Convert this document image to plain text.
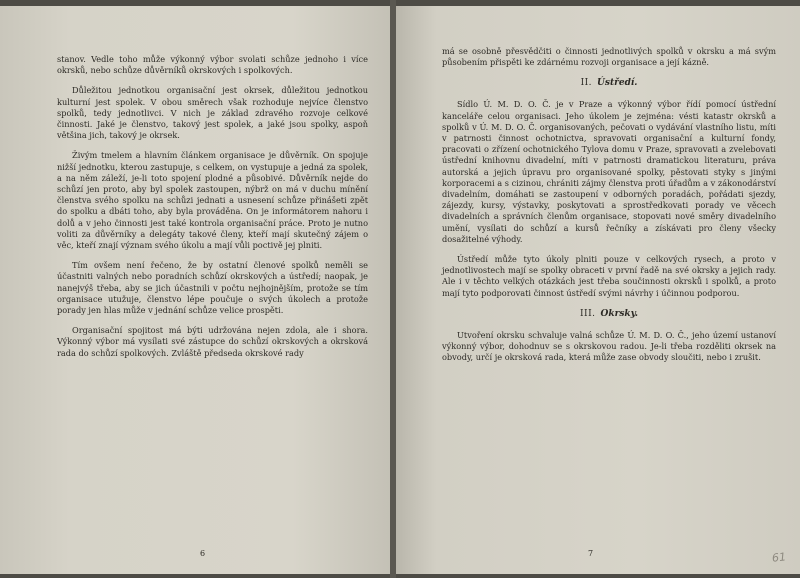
stanov. Vedle toho může výkonný výbor svolati schůze jednoho i více okrsků, nebo schůze důvěrníků okrskových i spolkových.

Důležitou jednotkou organisační jest okrsek, důležitou jednotkou kulturní jest spolek. V obou směrech však rozhoduje nejvíce členstvo spolků, tedy jednotlivci. V nich je základ zdravého rozvoje celkové činnosti. Jaké je členstvo, takový jest spolek, a jaké jsou spolky, aspoň většina jich, takový je okrsek.

Živým tmelem a hlavním článkem organisace je důvěrník. On spojuje nižší jednotku, kterou zastupuje, s celkem, on vystupuje a jedná za spolek, a na něm záleží, je-li toto spojení plodné a působivé. Důvěrník nejde do schůzí jen proto, aby byl spolek zastoupen, nýbrž on má v duchu mínění členstva svého spolku na schůzi jednati a usnesení schůze přinášeti zpět do spolku a dbáti toho, aby byla prováděna. On je informátorem nahoru i dolů a v jeho činnosti jest také kontrola organisační práce. Proto je nutno voliti za důvěrníky a delegáty takové členy, kteří mají skutečný zájem o věc, kteří znají význam svého úkolu a mají vůli poctivě jej plniti.

Tím ovšem není řečeno, že by ostatní členové spolků neměli se účastniti valných nebo poradních schůzí okrskových a ústředí; naopak, je nanejvýš třeba, aby se jich účastnili v počtu nejhojnějším, protože se tím organisace utužuje, členstvo lépe poučuje o svých úkolech a protože porady jen hlas může v jednání schůze velice prospěti.

Organisační spojitost má býti udržována nejen zdola, ale i shora. Výkonný výbor má vysílati své zástupce do schůzí okrskových a okrsková rada do schůzí spolkových. Zvláště předseda okrskové rady

6

má se osobně přesvědčiti o činnosti jednotlivých spolků v okrsku a má svým působením přispěti ke zdárnému rozvoji organisace a její kázně.

II. Ústředí.

Sídlo Ú. M. D. O. Č. je v Praze a výkonný výbor řídí pomocí ústřední kanceláře celou organisaci. Jeho úkolem je zejména: vésti katastr okrsků a spolků v Ú. M. D. O. Č. organisovaných, pečovati o vydávání vlastního listu, míti v patrnosti činnost ochotnictva, spravovati organisační a kulturní fondy, pracovati o zřízení ochotnického Tylova domu v Praze, spravovati a zvelebovati ústřední knihovnu divadelní, míti v patrnosti dramatickou literaturu, práva autorská a jejich úpravu pro organisované spolky, pěstovati styky s jinými korporacemi a s cizinou, chrániti zájmy členstva proti úřadům a v zákonodárství divadelním, domáhati se zastoupení v odborných poradách, pořádati sjezdy, zájezdy, kursy, výstavky, poskytovati a sprostředkovati porady ve věcech divadelních a správních členům organisace, stopovati nové směry divadelního umění, vysílati do schůzí a kursů řečníky a získávati pro členy všecky dosažitelné výhody.

Ústředí může tyto úkoly plniti pouze v celkových rysech, a proto v jednotlivostech mají se spolky obraceti v první řadě na své okrsky a jejich rady. Ale i v těchto velkých otázkách jest třeba součinnosti okrsků i spolků, a proto mají tyto podporovati činnost ústředí svými návrhy i účinnou podporou.

III. Okrsky.

Utvoření okrsku schvaluje valná schůze Ú. M. D. O. Č., jeho území ustanoví výkonný výbor, dohodnuv se s okrskovou radou. Je-li třeba rozděliti okrsek na obvody, určí je okrsková rada, která může zase obvody sloučiti, nebo i zrušit.

7	61
